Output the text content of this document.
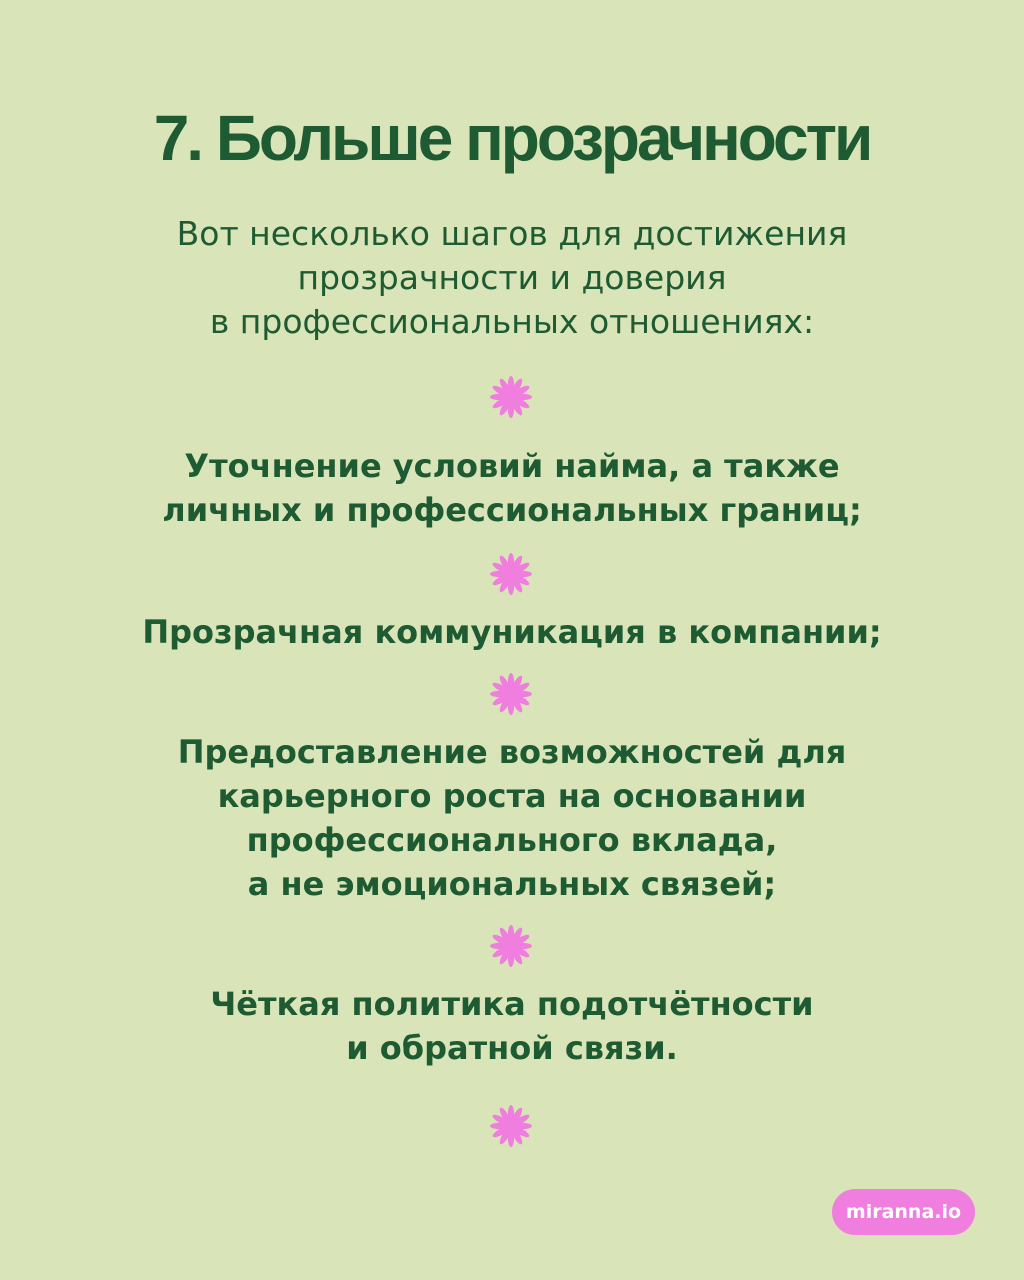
7. Больше прозрачности
Вот несколько шагов для достижения
прозрачности и доверия
в профессиональных отношениях:
Уточнение условий найма, а также
личных и профессиональных границ;
Прозрачная коммуникация в компании;
Предоставление возможностей для
карьерного роста на основании
профессионального вклада,
а не эмоциональных связей;
Чёткая политика подотчётности
и обратной связи.
miranna.io
